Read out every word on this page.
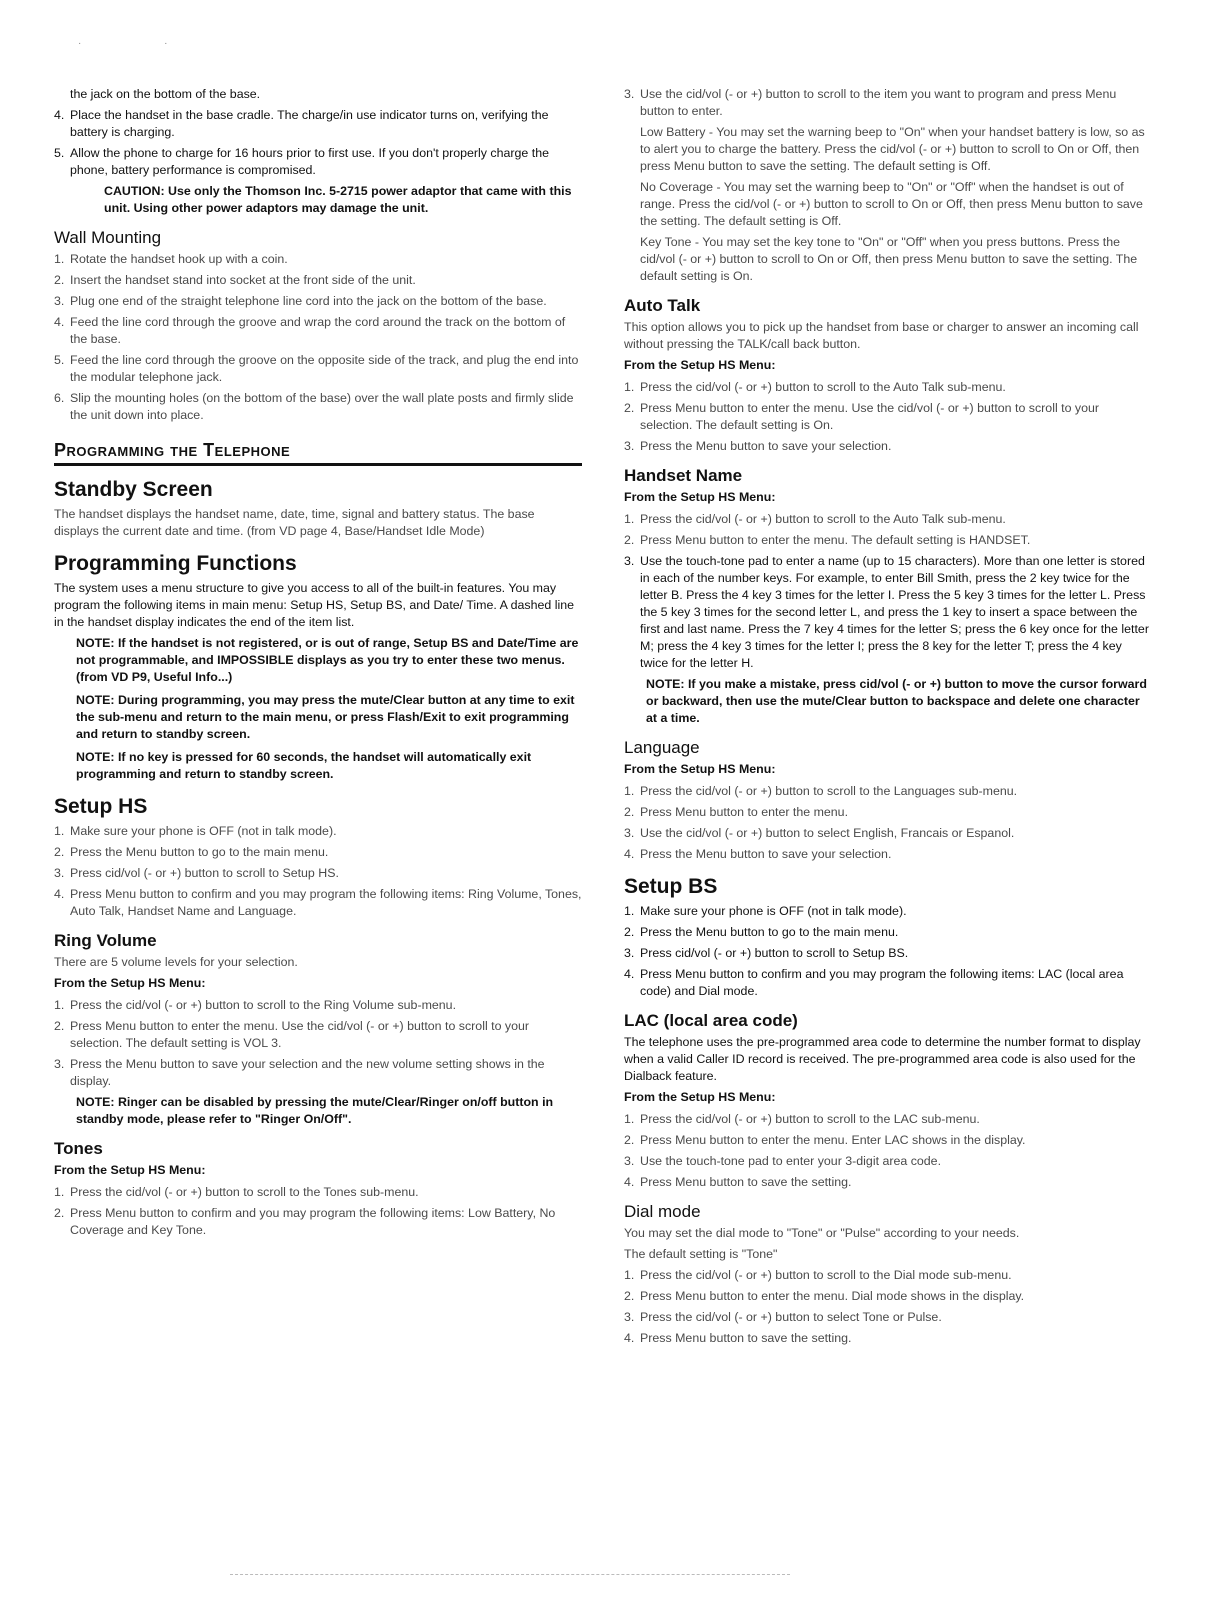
· ·

the jack on the bottom of the base.

4. Place the handset in the base cradle. The charge/in use indicator turns on, verifying the battery is charging.
5. Allow the phone to charge for 16 hours prior to first use. If you don't properly charge the phone, battery performance is compromised.

CAUTION: Use only the Thomson Inc. 5-2715 power adaptor that came with this unit. Using other power adaptors may damage the unit.

Wall Mounting
1. Rotate the handset hook up with a coin.
2. Insert the handset stand into socket at the front side of the unit.
3. Plug one end of the straight telephone line cord into the jack on the bottom of the base.
4. Feed the line cord through the groove and wrap the cord around the track on the bottom of the base.
5. Feed the line cord through the groove on the opposite side of the track, and plug the end into the modular telephone jack.
6. Slip the mounting holes (on the bottom of the base) over the wall plate posts and firmly slide the unit down into place.
Programming the Telephone
Standby Screen

The handset displays the handset name, date, time, signal and battery status. The base displays the current date and time. (from VD page 4, Base/Handset Idle Mode)

Programming Functions

The system uses a menu structure to give you access to all of the built-in features. You may program the following items in main menu: Setup HS, Setup BS, and Date/ Time. A dashed line in the handset display indicates the end of the item list.

NOTE: If the handset is not registered, or is out of range, Setup BS and Date/Time are not programmable, and IMPOSSIBLE displays as you try to enter these two menus. (from VD P9, Useful Info...)

NOTE: During programming, you may press the mute/Clear button at any time to exit the sub-menu and return to the main menu, or press Flash/Exit to exit programming and return to standby screen.

NOTE: If no key is pressed for 60 seconds, the handset will automatically exit programming and return to standby screen.

Setup HS
1. Make sure your phone is OFF (not in talk mode).
2. Press the Menu button to go to the main menu.
3. Press cid/vol (- or +) button to scroll to Setup HS.
4. Press Menu button to confirm and you may program the following items: Ring Volume, Tones, Auto Talk, Handset Name and Language.
Ring Volume

There are 5 volume levels for your selection.

From the Setup HS Menu:

1. Press the cid/vol (- or +) button to scroll to the Ring Volume sub-menu.
2. Press Menu button to enter the menu. Use the cid/vol (- or +) button to scroll to your selection. The default setting is VOL 3.
3. Press the Menu button to save your selection and the new volume setting shows in the display.

NOTE: Ringer can be disabled by pressing the mute/Clear/Ringer on/off button in standby mode, please refer to "Ringer On/Off".

Tones

From the Setup HS Menu:

1. Press the cid/vol (- or +) button to scroll to the Tones sub-menu.
2. Press Menu button to confirm and you may program the following items: Low Battery, No Coverage and Key Tone.
3. Use the cid/vol (- or +) button to scroll to the item you want to program and press Menu button to enter.

Low Battery - You may set the warning beep to "On" when your handset battery is low, so as to alert you to charge the battery. Press the cid/vol (- or +) button to scroll to On or Off, then press Menu button to save the setting. The default setting is Off.

No Coverage - You may set the warning beep to "On" or "Off" when the handset is out of range. Press the cid/vol (- or +) button to scroll to On or Off, then press Menu button to save the setting. The default setting is Off.

Key Tone - You may set the key tone to "On" or "Off" when you press buttons. Press the cid/vol (- or +) button to scroll to On or Off, then press Menu button to save the setting. The default setting is On.

Auto Talk

This option allows you to pick up the handset from base or charger to answer an incoming call without pressing the TALK/call back button.

From the Setup HS Menu:

1. Press the cid/vol (- or +) button to scroll to the Auto Talk sub-menu.
2. Press Menu button to enter the menu. Use the cid/vol (- or +) button to scroll to your selection. The default setting is On.
3. Press the Menu button to save your selection.
Handset Name

From the Setup HS Menu:

1. Press the cid/vol (- or +) button to scroll to the Auto Talk sub-menu.
2. Press Menu button to enter the menu. The default setting is HANDSET.
3. Use the touch-tone pad to enter a name (up to 15 characters). More than one letter is stored in each of the number keys. For example, to enter Bill Smith, press the 2 key twice for the letter B. Press the 4 key 3 times for the letter I. Press the 5 key 3 times for the letter L. Press the 5 key 3 times for the second letter L, and press the 1 key to insert a space between the first and last name. Press the 7 key 4 times for the letter S; press the 6 key once for the letter M; press the 4 key 3 times for the letter I; press the 8 key for the letter T; press the 4 key twice for the letter H.

NOTE: If you make a mistake, press cid/vol (- or +) button to move the cursor forward or backward, then use the mute/Clear button to backspace and delete one character at a time.

Language

From the Setup HS Menu:

1. Press the cid/vol (- or +) button to scroll to the Languages sub-menu.
2. Press Menu button to enter the menu.
3. Use the cid/vol (- or +) button to select English, Francais or Espanol.
4. Press the Menu button to save your selection.
Setup BS
1. Make sure your phone is OFF (not in talk mode).
2. Press the Menu button to go to the main menu.
3. Press cid/vol (- or +) button to scroll to Setup BS.
4. Press Menu button to confirm and you may program the following items: LAC (local area code) and Dial mode.
LAC (local area code)

The telephone uses the pre-programmed area code to determine the number format to display when a valid Caller ID record is received. The pre-programmed area code is also used for the Dialback feature.

From the Setup HS Menu:

1. Press the cid/vol (- or +) button to scroll to the LAC sub-menu.
2. Press Menu button to enter the menu. Enter LAC shows in the display.
3. Use the touch-tone pad to enter your 3-digit area code.
4. Press Menu button to save the setting.
Dial mode

You may set the dial mode to "Tone" or "Pulse" according to your needs.

The default setting is "Tone"

1. Press the cid/vol (- or +) button to scroll to the Dial mode sub-menu.
2. Press Menu button to enter the menu. Dial mode shows in the display.
3. Press the cid/vol (- or +) button to select Tone or Pulse.
4. Press Menu button to save the setting.
